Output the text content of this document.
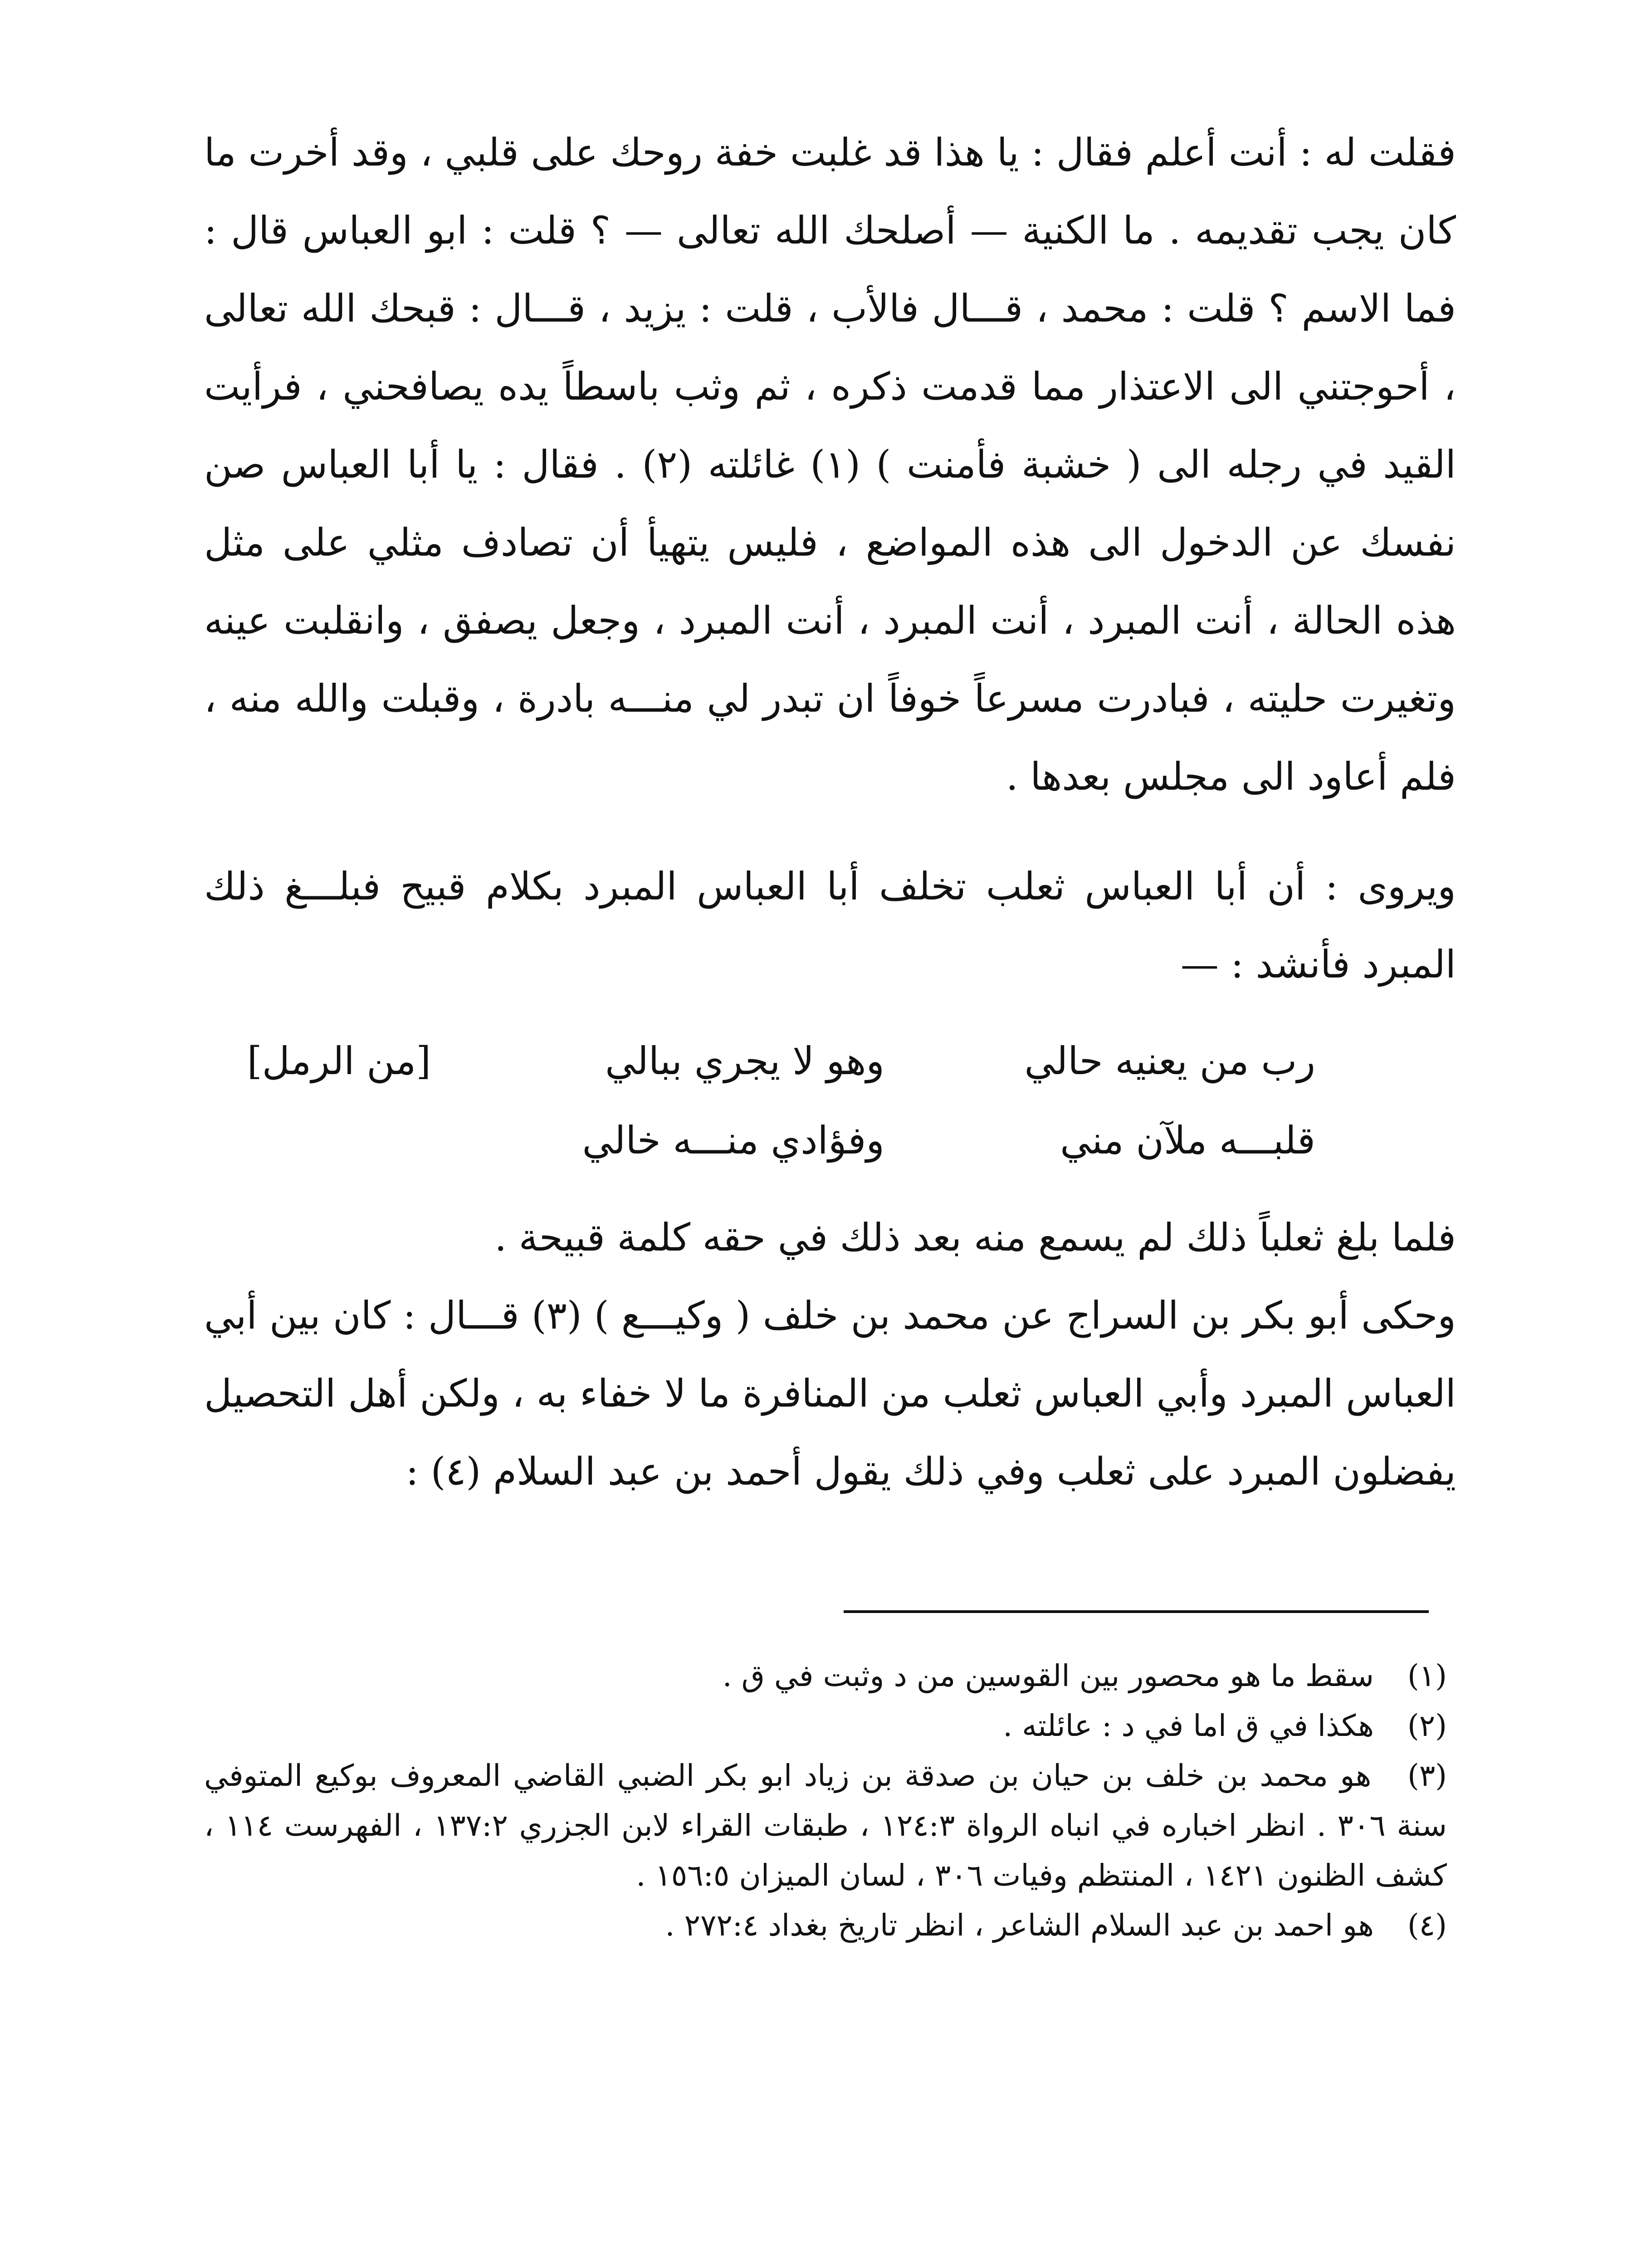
فقلت له : أنت أعلم فقال : يا هذا قد غلبت خفة روحك على قلبي ، وقد أخرت ما كان يجب تقديمه . ما الكنية — أصلحك الله تعالى — ؟ قلت : ابو العباس قال : فما الاسم ؟ قلت : محمد ، قـــال فالأب ، قلت : يزيد ، قـــال : قبحك الله تعالى ، أحوجتني الى الاعتذار مما قدمت ذكره ، ثم وثب باسطاً يده يصافحني ، فرأيت القيد في رجله الى ( خشبة فأمنت ) (١) غائلته (٢) . فقال : يا أبا العباس صن نفسك عن الدخول الى هذه المواضع ، فليس يتهيأ أن تصادف مثلي على مثل هذه الحالة ، أنت المبرد ، أنت المبرد ، أنت المبرد ، وجعل يصفق ، وانقلبت عينه وتغيرت حليته ، فبادرت مسرعاً خوفاً ان تبدر لي منـــه بادرة ، وقبلت والله منه ، فلم أعاود الى مجلس بعدها .

ويروى : أن أبا العباس ثعلب تخلف أبا العباس المبرد بكلام قبيح فبلـــغ ذلك المبرد فأنشد : —

رب من يعنيه حالي
وهو لا يجري ببالي
[من الرمل]
قلبـــه ملآن مني
وفؤادي منـــه خالي

فلما بلغ ثعلباً ذلك لم يسمع منه بعد ذلك في حقه كلمة قبيحة .

وحكى أبو بكر بن السراج عن محمد بن خلف ( وكيـــع ) (٣) قـــال : كان بين أبي العباس المبرد وأبي العباس ثعلب من المنافرة ما لا خفاء به ، ولكن أهل التحصيل يفضلون المبرد على ثعلب وفي ذلك يقول أحمد بن عبد السلام (٤) :

(١) سقط ما هو محصور بين القوسين من د وثبت في ق .

(٢) هكذا في ق اما في د : عائلته .

(٣) هو محمد بن خلف بن حيان بن صدقة بن زياد ابو بكر الضبي القاضي المعروف بوكيع المتوفي سنة ٣٠٦ . انظر اخباره في انباه الرواة ١٢٤:٣ ، طبقات القراء لابن الجزري ١٣٧:٢ ، الفهرست ١١٤ ، كشف الظنون ١٤٢١ ، المنتظم وفيات ٣٠٦ ، لسان الميزان ١٥٦:٥ .

(٤) هو احمد بن عبد السلام الشاعر ، انظر تاريخ بغداد ٢٧٢:٤ .
